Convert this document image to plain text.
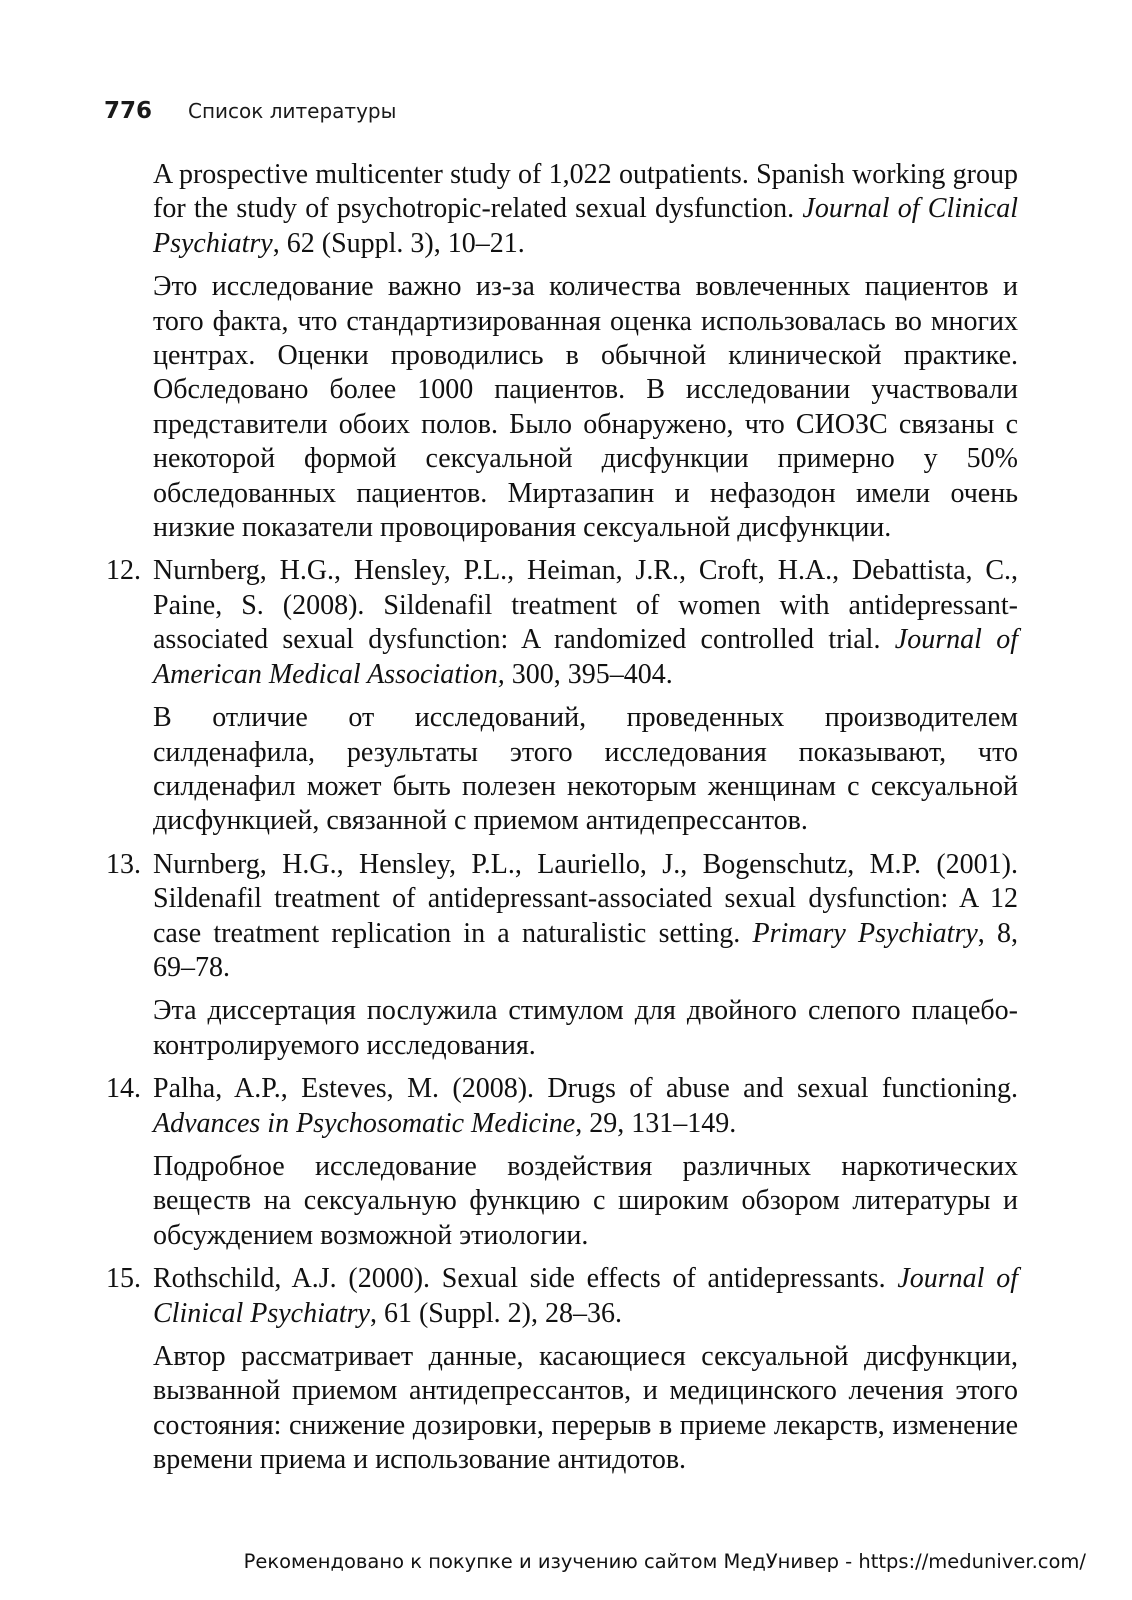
776 Список литературы

A prospective multicenter study of 1,022 outpatients. Spanish working group for the study of psychotropic-related sexual dysfunction. Journal of Clinical Psychiatry, 62 (Suppl. 3), 10–21.

Это исследование важно из-за количества вовлеченных пациентов и того факта, что стандартизированная оценка использовалась во многих центрах. Оценки проводились в обычной клинической практике. Обследовано более 1000 пациентов. В исследовании участвовали представители обоих полов. Было обнаружено, что СИОЗС связаны с некоторой формой сексуальной дисфункции примерно у 50% обследованных пациентов. Миртазапин и нефазодон имели очень низкие показатели провоцирования сексуальной дисфункции.

12. Nurnberg, H.G., Hensley, P.L., Heiman, J.R., Croft, H.A., Debattista, C., Paine, S. (2008). Sildenafil treatment of women with antidepressant-associated sexual dysfunction: A randomized controlled trial. Journal of American Medical Association, 300, 395–404.

В отличие от исследований, проведенных производителем силденафила, результаты этого исследования показывают, что силденафил может быть полезен некоторым женщинам с сексуальной дисфункцией, связанной с приемом антидепрессантов.

13. Nurnberg, H.G., Hensley, P.L., Lauriello, J., Bogenschutz, M.P. (2001). Sildenafil treatment of antidepressant-associated sexual dysfunction: A 12 case treatment replication in a naturalistic setting. Primary Psychiatry, 8, 69–78.

Эта диссертация послужила стимулом для двойного слепого плацебо-контролируемого исследования.

14. Palha, A.P., Esteves, M. (2008). Drugs of abuse and sexual functioning. Advances in Psychosomatic Medicine, 29, 131–149.

Подробное исследование воздействия различных наркотических веществ на сексуальную функцию с широким обзором литературы и обсуждением возможной этиологии.

15. Rothschild, A.J. (2000). Sexual side effects of antidepressants. Journal of Clinical Psychiatry, 61 (Suppl. 2), 28–36.

Автор рассматривает данные, касающиеся сексуальной дисфункции, вызванной приемом антидепрессантов, и медицинского лечения этого состояния: снижение дозировки, перерыв в приеме лекарств, изменение времени приема и использование антидотов.

Рекомендовано к покупке и изучению сайтом МедУнивер - https://meduniver.com/
